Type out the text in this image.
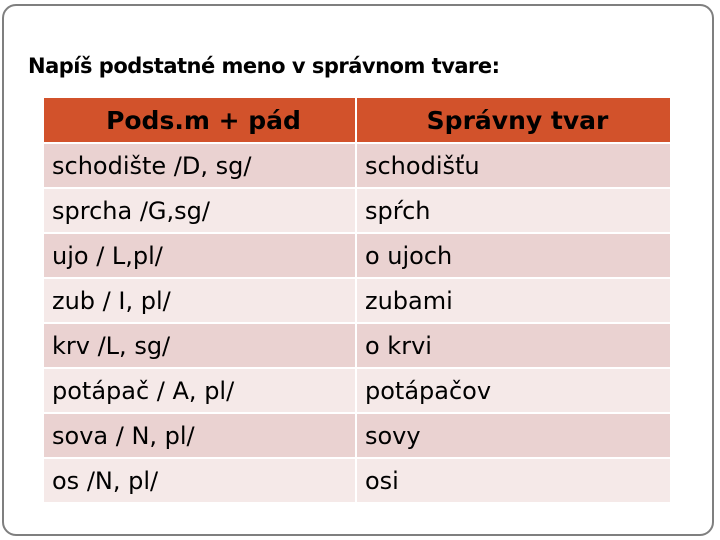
Napíš podstatné meno v správnom tvare:
Pods.m + pád	Správny tvar
schodište /D, sg/	schodišťu
sprcha /G,sg/	spŕch
ujo / L,pl/	o ujoch
zub / I, pl/	zubami
krv /L, sg/	o krvi
potápač / A, pl/	potápačov
sova / N, pl/	sovy
os /N, pl/	osi
